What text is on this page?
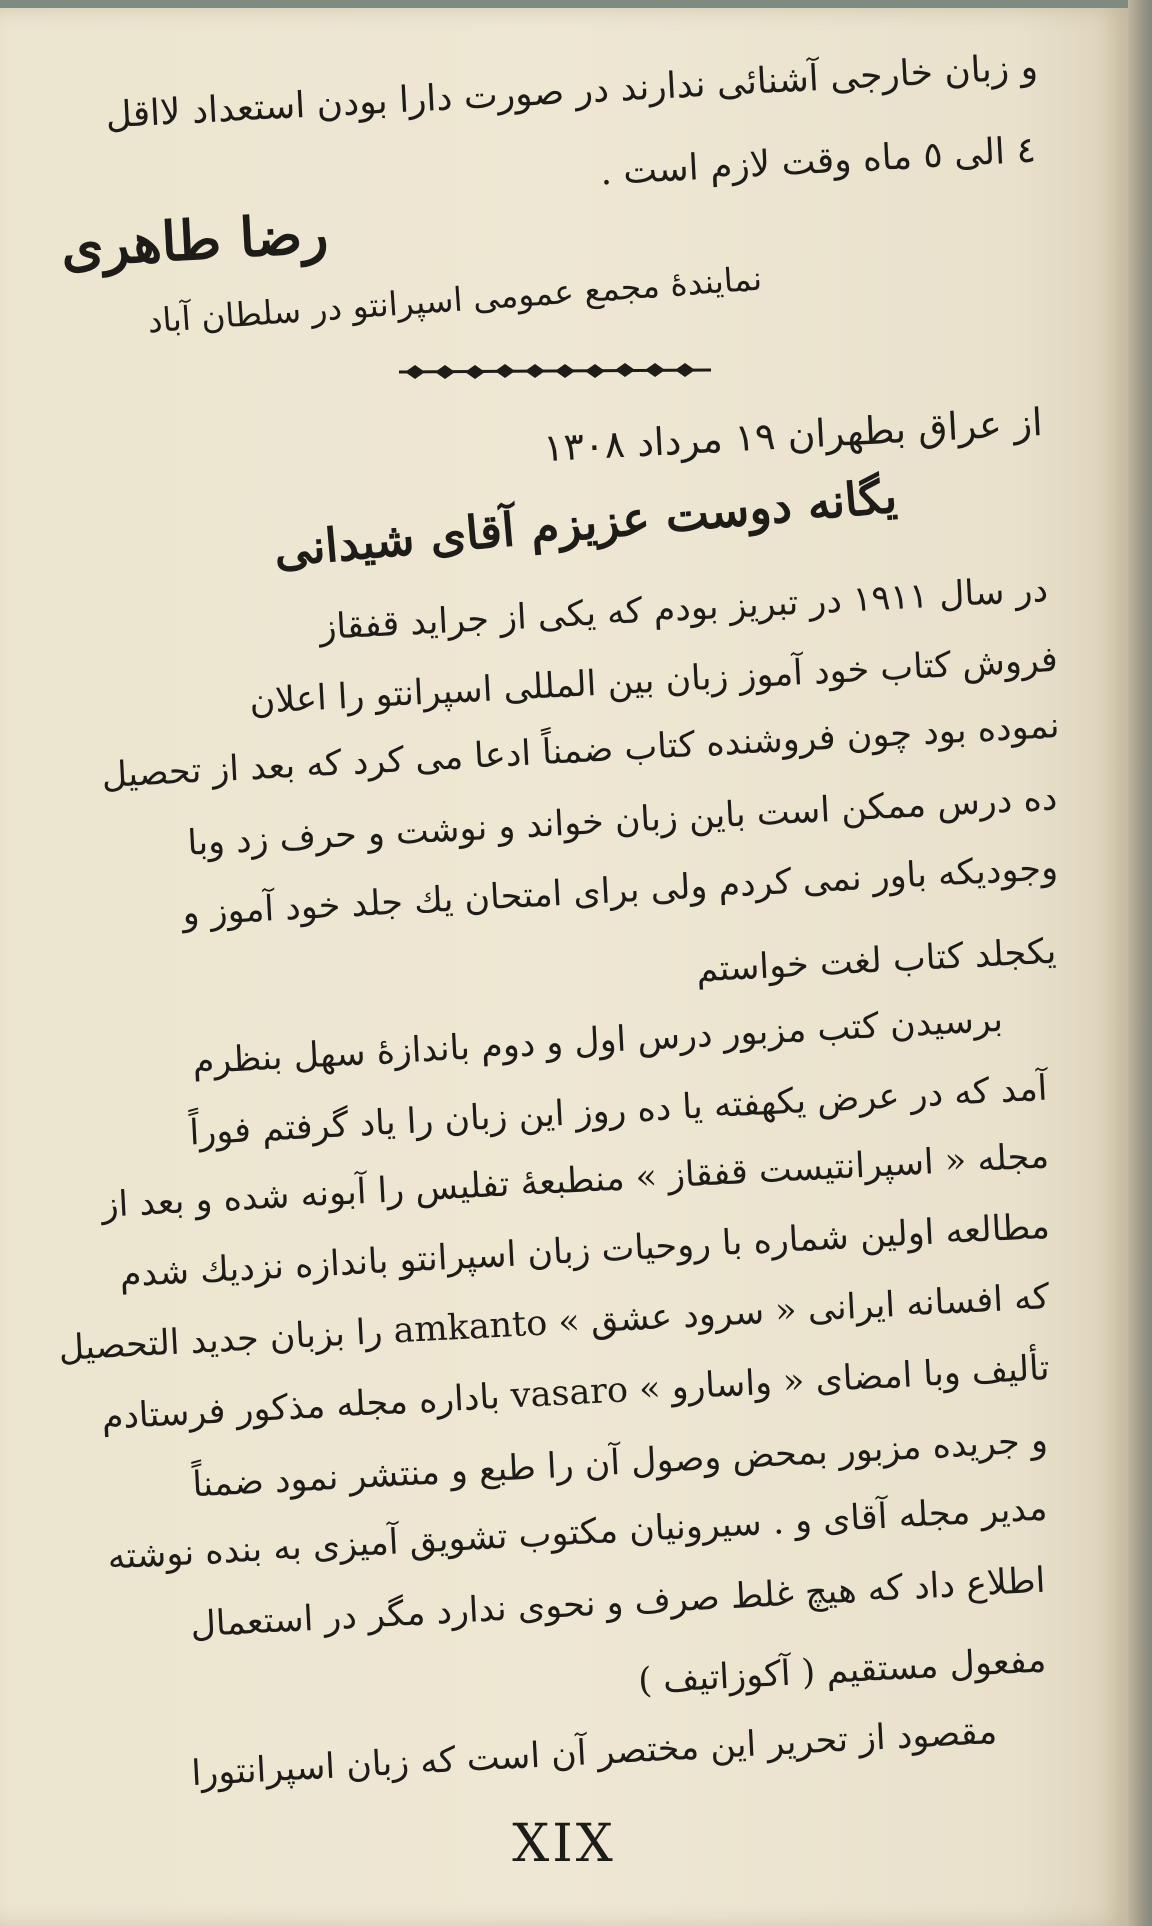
و زبان خارجی آشنائی ندارند در صورت دارا بودن استعداد لااقل
٤ الی ٥ ماه وقت لازم است .
رضا طاهری
نمایندهٔ مجمع عمومی اسپرانتو در سلطان آباد
از عراق بطهران ١٩ مرداد ١٣٠٨
یگانه دوست عزیزم آقای شیدانی
در سال ١٩١١ در تبریز بودم که یکی از جراید قفقاز
فروش کتاب خود آموز زبان بین المللی اسپرانتو را اعلان
نموده بود چون فروشنده کتاب ضمناً ادعا می کرد که بعد از تحصیل
ده درس ممکن است باین زبان خواند و نوشت و حرف زد وبا
وجودیکه باور نمی کردم ولی برای امتحان یك جلد خود آموز و
یکجلد کتاب لغت خواستم
برسیدن کتب مزبور درس اول و دوم باندازهٔ سهل بنظرم
آمد که در عرض یکهفته یا ده روز این زبان را یاد گرفتم فوراً
مجله « اسپرانتیست قفقاز » منطبعهٔ تفلیس را آبونه شده و بعد از
مطالعه اولین شماره با روحیات زبان اسپرانتو باندازه نزدیك شدم
که افسانه ایرانی « سرود عشق » amkanto را بزبان جدید التحصیل
تألیف وبا امضای « واسارو » vasaro باداره مجله مذکور فرستادم
و جریده مزبور بمحض وصول آن را طبع و منتشر نمود ضمناً
مدیر مجله آقای و . سیرونیان مکتوب تشویق آمیزی به بنده نوشته
اطلاع داد که هیچ غلط صرف و نحوی ندارد مگر در استعمال
مفعول مستقیم ( آکوزاتیف )
مقصود از تحریر این مختصر آن است که زبان اسپرانتورا
XIX
